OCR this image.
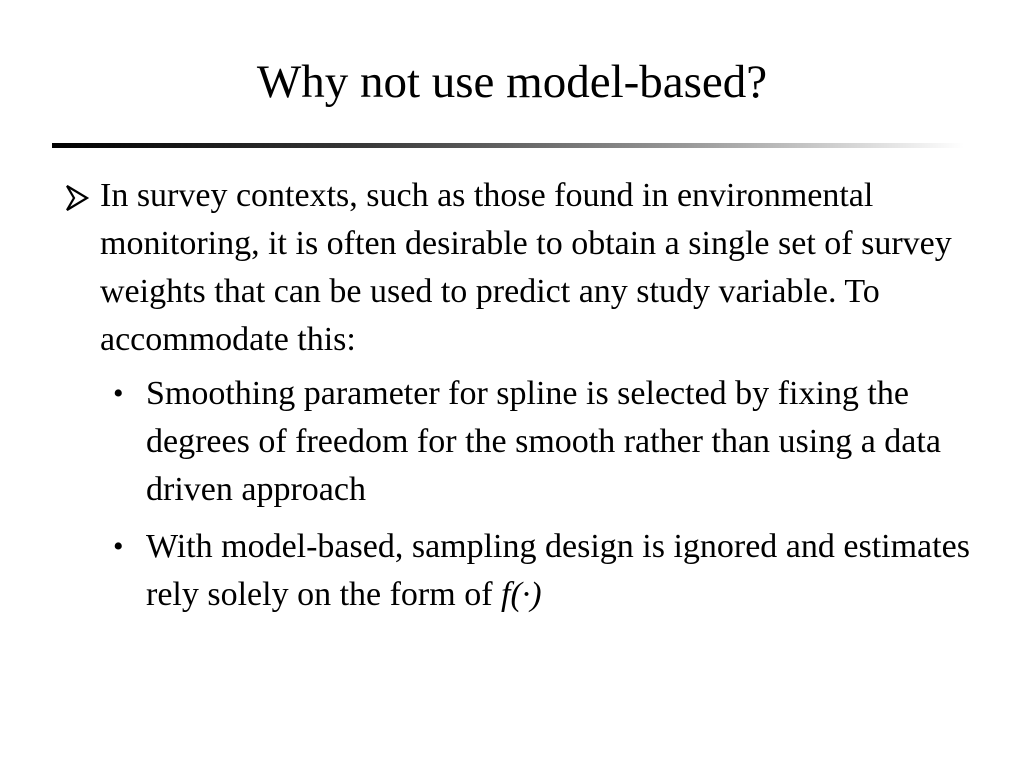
Why not use model-based?
In survey contexts, such as those found in environmental monitoring, it is often desirable to obtain a single set of survey weights that can be used to predict any study variable. To accommodate this:
• Smoothing parameter for spline is selected by fixing the degrees of freedom for the smooth rather than using a data driven approach
• With model-based, sampling design is ignored and estimates rely solely on the form of f(·)
